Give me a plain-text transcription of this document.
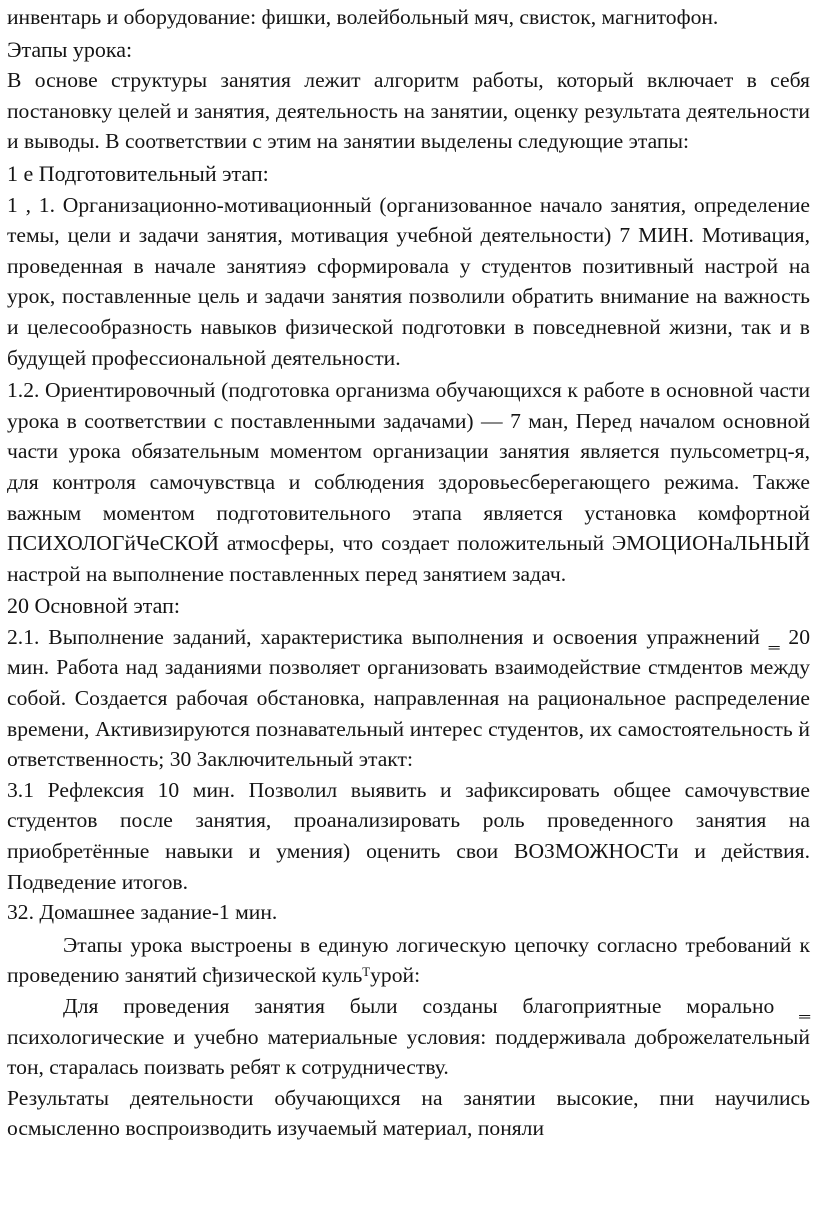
инвентарь и оборудование: фишки, волейбольный мяч, свисток, магнитофон.

Этапы урока:

В основе структуры занятия лежит алгоритм работы, который включает в себя постановку целей и занятия, деятельность на занятии, оценку результата деятельности и выводы. В соответствии с этим на занятии выделены следующие этапы:

1 е Подготовительный этап:

1 , 1. Организационно-мотивационный (организованное начало занятия, определение темы, цели и задачи занятия, мотивация учебной деятельности) 7 МИН. Мотивация, проведенная в начале занятияэ сформировала у студентов позитивный настрой на урок, поставленные цель и задачи занятия позволили обратить внимание на важность и целесообразность навыков физической подготовки в повседневной жизни, так и в будущей профессиональной деятельности.

1.2. Ориентировочный (подготовка организма обучающихся к работе в основной части урока в соответствии с поставленными задачами) — 7 ман, Перед началом основной части урока обязательным моментом организации занятия является пульсометрц-я, для контроля самочувствца и соблюдения здоровьесберегающего режима. Также важным моментом подготовительного этапа является установка комфортной ПСИХОЛОГйЧеСКОЙ атмосферы, что создает положительный ЭМОЦИОНаЛЬНЫЙ настрой на выполнение поставленных перед занятием задач.

20 Основной этап:

2.1. Выполнение заданий, характеристика выполнения и освоения упражнений ‗ 20 мин. Работа над заданиями позволяет организовать взаимодействие стмдентов между собой. Создается рабочая обстановка, направленная на рациональное распределение времени, Активизируются познавательный интерес студентов, их самостоятельность й ответственность; 30 Заключительный этакт:

3.1 Рефлексия 10 мин. Позволил выявить и зафиксировать общее самочувствие студентов после занятия, проанализировать роль проведенного занятия на приобретённые навыки и умения) оценить свои ВОЗМОЖНОСТи и действия. Подведение итогов.

32. Домашнее задание-1 мин.

Этапы урока выстроены в единую логическую цепочку согласно требований к проведению занятий сђизической кульᵀурой:

Для проведения занятия были созданы благоприятные морально ‗ психологические и учебно материальные условия: поддерживала доброжелательный тон, старалась поизвать ребят к сотрудничеству.

Результаты деятельности обучающихся на занятии высокие, пни научились осмысленно воспроизводить изучаемый материал, поняли
